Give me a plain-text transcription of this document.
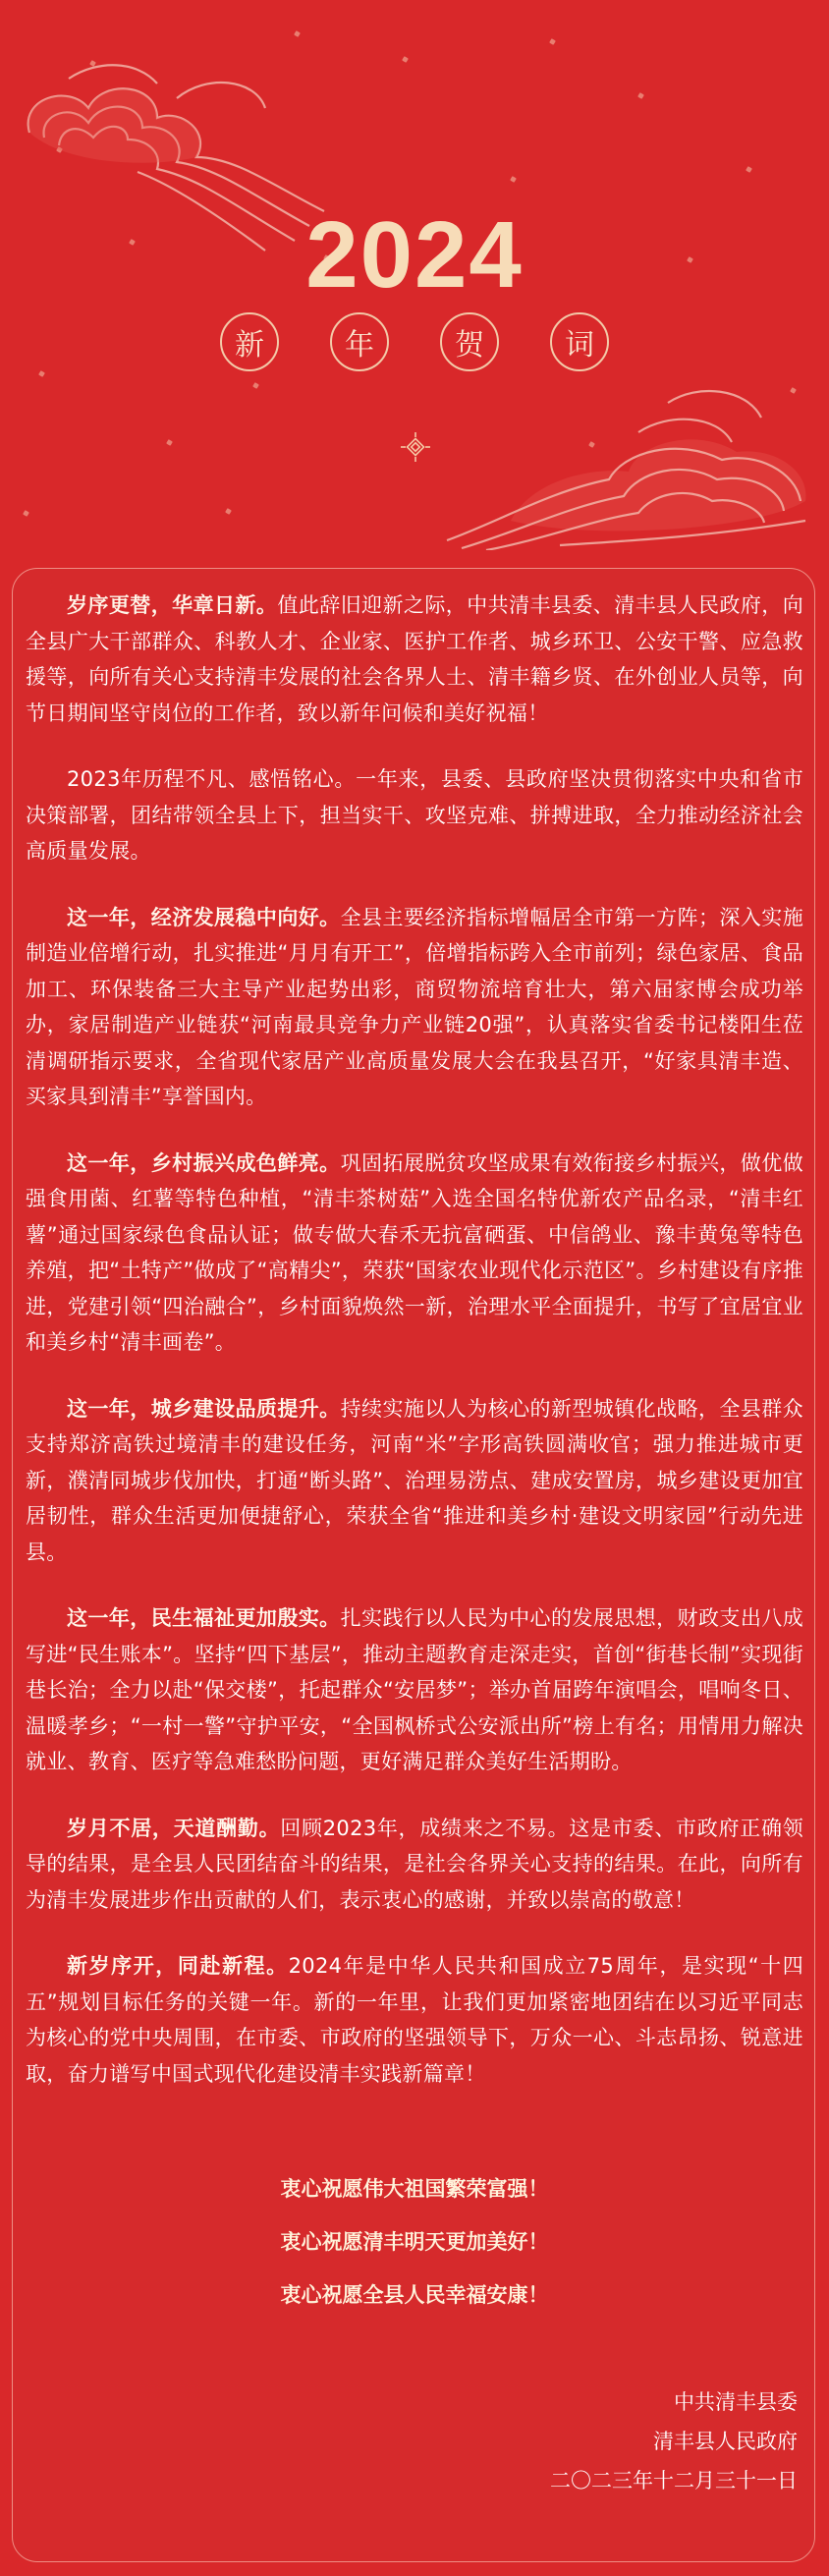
2024
新	年	贺	词

岁序更替，华章日新。值此辞旧迎新之际，中共清丰县委、清丰县人民政府，向全县广大干部群众、科教人才、企业家、医护工作者、城乡环卫、公安干警、应急救援等，向所有关心支持清丰发展的社会各界人士、清丰籍乡贤、在外创业人员等，向节日期间坚守岗位的工作者，致以新年问候和美好祝福！

2023年历程不凡、感悟铭心。一年来，县委、县政府坚决贯彻落实中央和省市决策部署，团结带领全县上下，担当实干、攻坚克难、拼搏进取，全力推动经济社会高质量发展。

这一年，经济发展稳中向好。全县主要经济指标增幅居全市第一方阵；深入实施制造业倍增行动，扎实推进“月月有开工”，倍增指标跨入全市前列；绿色家居、食品加工、环保装备三大主导产业起势出彩，商贸物流培育壮大，第六届家博会成功举办，家居制造产业链获“河南最具竞争力产业链20强”，认真落实省委书记楼阳生莅清调研指示要求，全省现代家居产业高质量发展大会在我县召开，“好家具清丰造、买家具到清丰”享誉国内。

这一年，乡村振兴成色鲜亮。巩固拓展脱贫攻坚成果有效衔接乡村振兴，做优做强食用菌、红薯等特色种植，“清丰茶树菇”入选全国名特优新农产品名录，“清丰红薯”通过国家绿色食品认证；做专做大春禾无抗富硒蛋、中信鸽业、豫丰黄兔等特色养殖，把“土特产”做成了“高精尖”，荣获“国家农业现代化示范区”。乡村建设有序推进，党建引领“四治融合”，乡村面貌焕然一新，治理水平全面提升，书写了宜居宜业和美乡村“清丰画卷”。

这一年，城乡建设品质提升。持续实施以人为核心的新型城镇化战略，全县群众支持郑济高铁过境清丰的建设任务，河南“米”字形高铁圆满收官；强力推进城市更新，濮清同城步伐加快，打通“断头路”、治理易涝点、建成安置房，城乡建设更加宜居韧性，群众生活更加便捷舒心，荣获全省“推进和美乡村·建设文明家园”行动先进县。

这一年，民生福祉更加殷实。扎实践行以人民为中心的发展思想，财政支出八成写进“民生账本”。坚持“四下基层”，推动主题教育走深走实，首创“街巷长制”实现街巷长治；全力以赴“保交楼”，托起群众“安居梦”；举办首届跨年演唱会，唱响冬日、温暖孝乡；“一村一警”守护平安，“全国枫桥式公安派出所”榜上有名；用情用力解决就业、教育、医疗等急难愁盼问题，更好满足群众美好生活期盼。

岁月不居，天道酬勤。回顾2023年，成绩来之不易。这是市委、市政府正确领导的结果，是全县人民团结奋斗的结果，是社会各界关心支持的结果。在此，向所有为清丰发展进步作出贡献的人们，表示衷心的感谢，并致以崇高的敬意！

新岁序开，同赴新程。2024年是中华人民共和国成立75周年，是实现“十四五”规划目标任务的关键一年。新的一年里，让我们更加紧密地团结在以习近平同志为核心的党中央周围，在市委、市政府的坚强领导下，万众一心、斗志昂扬、锐意进取，奋力谱写中国式现代化建设清丰实践新篇章！

衷心祝愿伟大祖国繁荣富强！

衷心祝愿清丰明天更加美好！

衷心祝愿全县人民幸福安康！

中共清丰县委
清丰县人民政府
二〇二三年十二月三十一日
